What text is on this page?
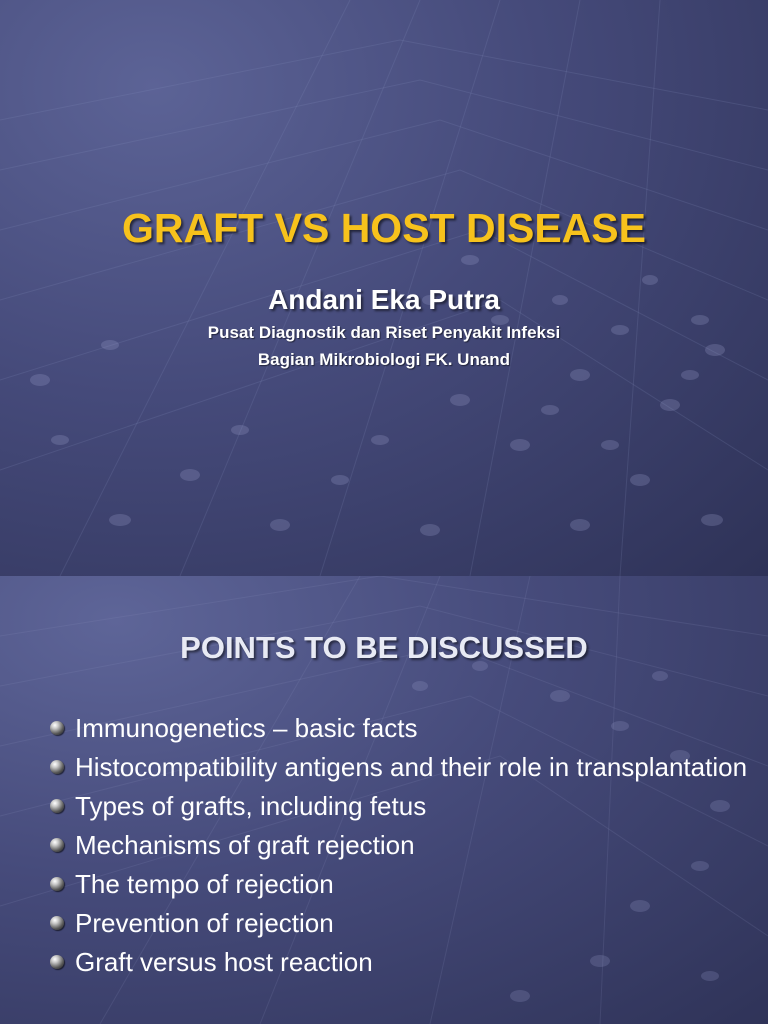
GRAFT VS HOST DISEASE
Andani Eka Putra
Pusat Diagnostik dan Riset Penyakit Infeksi
Bagian Mikrobiologi FK. Unand
POINTS TO BE DISCUSSED
Immunogenetics – basic facts
Histocompatibility antigens and their role in transplantation
Types of grafts, including fetus
Mechanisms of graft rejection
The tempo of rejection
Prevention of rejection
Graft versus host reaction
